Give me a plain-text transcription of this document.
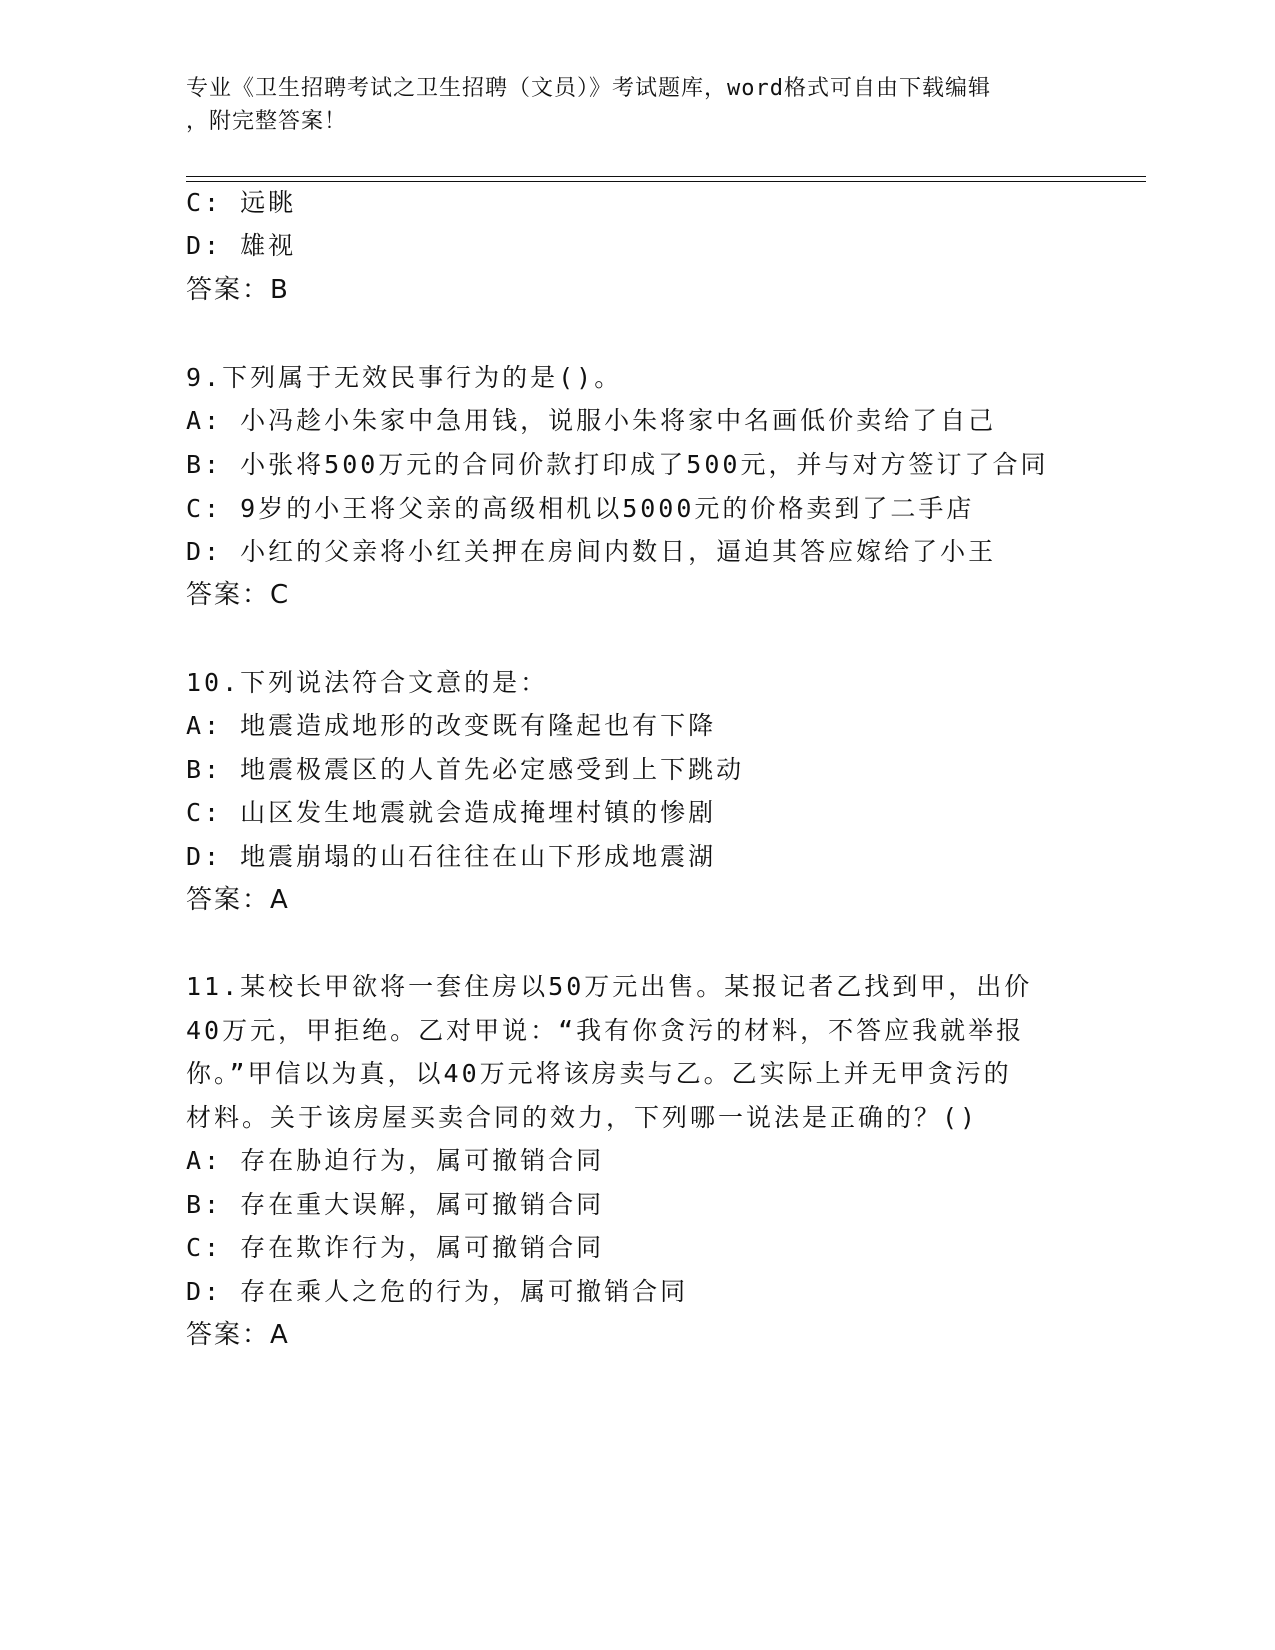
专业《卫生招聘考试之卫生招聘（文员）》考试题库，word格式可自由下载编辑
，附完整答案！
C: 远眺
D: 雄视
答案：B
9.下列属于无效民事行为的是()。
A: 小冯趁小朱家中急用钱，说服小朱将家中名画低价卖给了自己
B: 小张将500万元的合同价款打印成了500元，并与对方签订了合同
C: 9岁的小王将父亲的高级相机以5000元的价格卖到了二手店
D: 小红的父亲将小红关押在房间内数日，逼迫其答应嫁给了小王
答案：C
10.下列说法符合文意的是：
A: 地震造成地形的改变既有隆起也有下降
B: 地震极震区的人首先必定感受到上下跳动
C: 山区发生地震就会造成掩埋村镇的惨剧
D: 地震崩塌的山石往往在山下形成地震湖
答案：A
11.某校长甲欲将一套住房以50万元出售。某报记者乙找到甲，出价
40万元，甲拒绝。乙对甲说：“我有你贪污的材料，不答应我就举报
你。”甲信以为真，以40万元将该房卖与乙。乙实际上并无甲贪污的
材料。关于该房屋买卖合同的效力，下列哪一说法是正确的？()
A: 存在胁迫行为，属可撤销合同
B: 存在重大误解，属可撤销合同
C: 存在欺诈行为，属可撤销合同
D: 存在乘人之危的行为，属可撤销合同
答案：A
